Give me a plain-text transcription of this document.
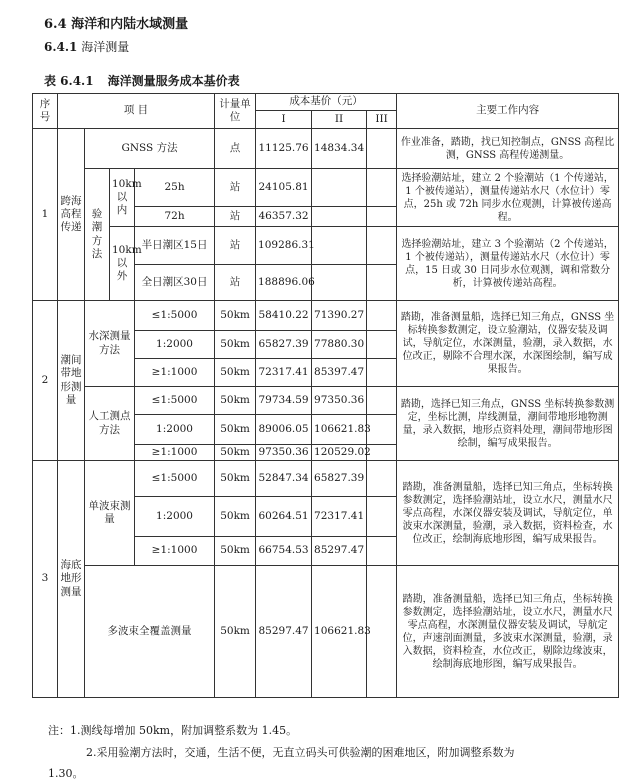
6.4 海洋和内陆水域测量
6.4.1 海洋测量
表 6.4.1 海洋测量服务成本基价表
序号	项 目				计量单位	成本基价（元）			主要工作内容
						I	II	III	
1	跨海高程传递	GNSS 方法			点	11125.76	14834.34		作业准备，踏勘，找已知控制点，GNSS 高程比测，GNSS 高程传递测量。
		验潮方法	10km以内	25h	站	24105.81			选择验潮站址，建立 2 个验潮站（1 个传递站，1 个被传递站），测量传递站水尺（水位计）零点，25h 或 72h 同步水位观测，计算被传递高程。
				72h	站	46357.32			
			10km以外	半日潮区15日	站	109286.31			选择验潮站址，建立 3 个验潮站（2 个传递站，1 个被传递站），测量传递站水尺（水位计）零点，15 日或 30 日同步水位观测，调和常数分析，计算被传递站高程。
				全日潮区30日	站	188896.06			
2	潮间带地形测量	水深测量方法		≤1:5000	50km	58410.22	71390.27		踏勘，准备测量船，选择已知三角点，GNSS 坐标转换参数测定，设立验潮站，仪器安装及调试，导航定位，水深测量，验潮，录入数据，水位改正，剔除不合理水深，水深图绘制，编写成果报告。
				1:2000	50km	65827.39	77880.30		
				≥1:1000	50km	72317.41	85397.47		
		人工测点方法		≤1:5000	50km	79734.59	97350.36		踏勘，选择已知三角点，GNSS 坐标转换参数测定，坐标比测，岸线测量，潮间带地形地物测量，录入数据，地形点资料处理，潮间带地形图绘制，编写成果报告。
				1:2000	50km	89006.05	106621.83		
				≥1:1000	50km	97350.36	120529.02		
3	海底地形测量	单波束测量		≤1:5000	50km	52847.34	65827.39		踏勘，准备测量船，选择已知三角点，坐标转换参数测定，选择验潮站址，设立水尺，测量水尺零点高程，水深仪器安装及调试，导航定位，单波束水深测量，验潮，录入数据，资料检查，水位改正，绘制海底地形图，编写成果报告。
				1:2000	50km	60264.51	72317.41		
				≥1:1000	50km	66754.53	85297.47		
		多波束全覆盖测量			50km	85297.47	106621.83		踏勘，准备测量船，选择已知三角点，坐标转换参数测定，选择验潮站址，设立水尺，测量水尺零点高程，水深测量仪器安装及调试，导航定位，声速剖面测量，多波束水深测量，验潮，录入数据，资料检查，水位改正，剔除边缘波束，绘制海底地形图，编写成果报告。
注：1.测线每增加 50km，附加调整系数为 1.45。
2.采用验潮方法时，交通，生活不便，无直立码头可供验潮的困难地区，附加调整系数为
1.30。
